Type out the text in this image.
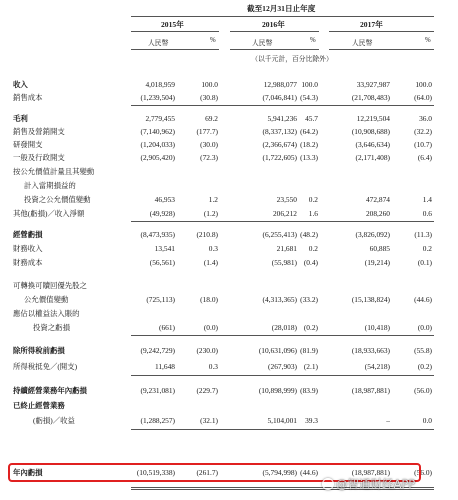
截至12月31日止年度
2015年	2016年	2017年
人民幣	%	人民幣	%	人民幣	%
（以千元計，百分比除外）
收入	4,018,959	100.0	12,988,077 100.0	33,927,987	100.0
銷售成本	(1,239,504)	(30.8)	(7,046,841) (54.3)	(21,708,483)	(64.0)
毛利	2,779,455	69.2	5,941,236 45.7	12,219,504	36.0
銷售及營銷開支	(7,140,962)	(177.7)	(8,337,132) (64.2)	(10,908,688)	(32.2)
研發開支	(1,204,033)	(30.0)	(2,366,674) (18.2)	(3,646,634)	(10.7)
一般及行政開支	(2,905,420)	(72.3)	(1,722,605) (13.3)	(2,171,408)	(6.4)
按公允價值計量且其變動
計入當期損益的
投資之公允價值變動	46,953	1.2	23,550 0.2	472,874	1.4
其他(虧損)／收入淨額	(49,928)	(1.2)	206,212 1.6	208,260	0.6
經營虧損	(8,473,935)	(210.8)	(6,255,413) (48.2)	(3,826,092)	(11.3)
財務收入	13,541	0.3	21,681 0.2	60,885	0.2
財務成本	(56,561)	(1.4)	(55,981) (0.4)	(19,214)	(0.1)
可轉換可贖回優先股之
公允價值變動	(725,113)	(18.0)	(4,313,365) (33.2)	(15,138,824)	(44.6)
應佔以權益法入賬的
投資之虧損	(661)	(0.0)	(28,018) (0.2)	(10,418)	(0.0)
除所得稅前虧損	(9,242,729)	(230.0)	(10,631,096) (81.9)	(18,933,663)	(55.8)
所得稅抵免／(開支)	11,648	0.3	(267,903) (2.1)	(54,218)	(0.2)
持續經營業務年內虧損	(9,231,081)	(229.7)	(10,898,999) (83.9)	(18,987,881)	(56.0)
已終止經營業務
(虧損)／收益	(1,288,257)	(32.1)	5,104,001 39.3	–	0.0
年內虧損	(10,519,338)	(261.7)	(5,794,998) (44.6)	(18,987,881)	(56.0)
@智通财经APP
